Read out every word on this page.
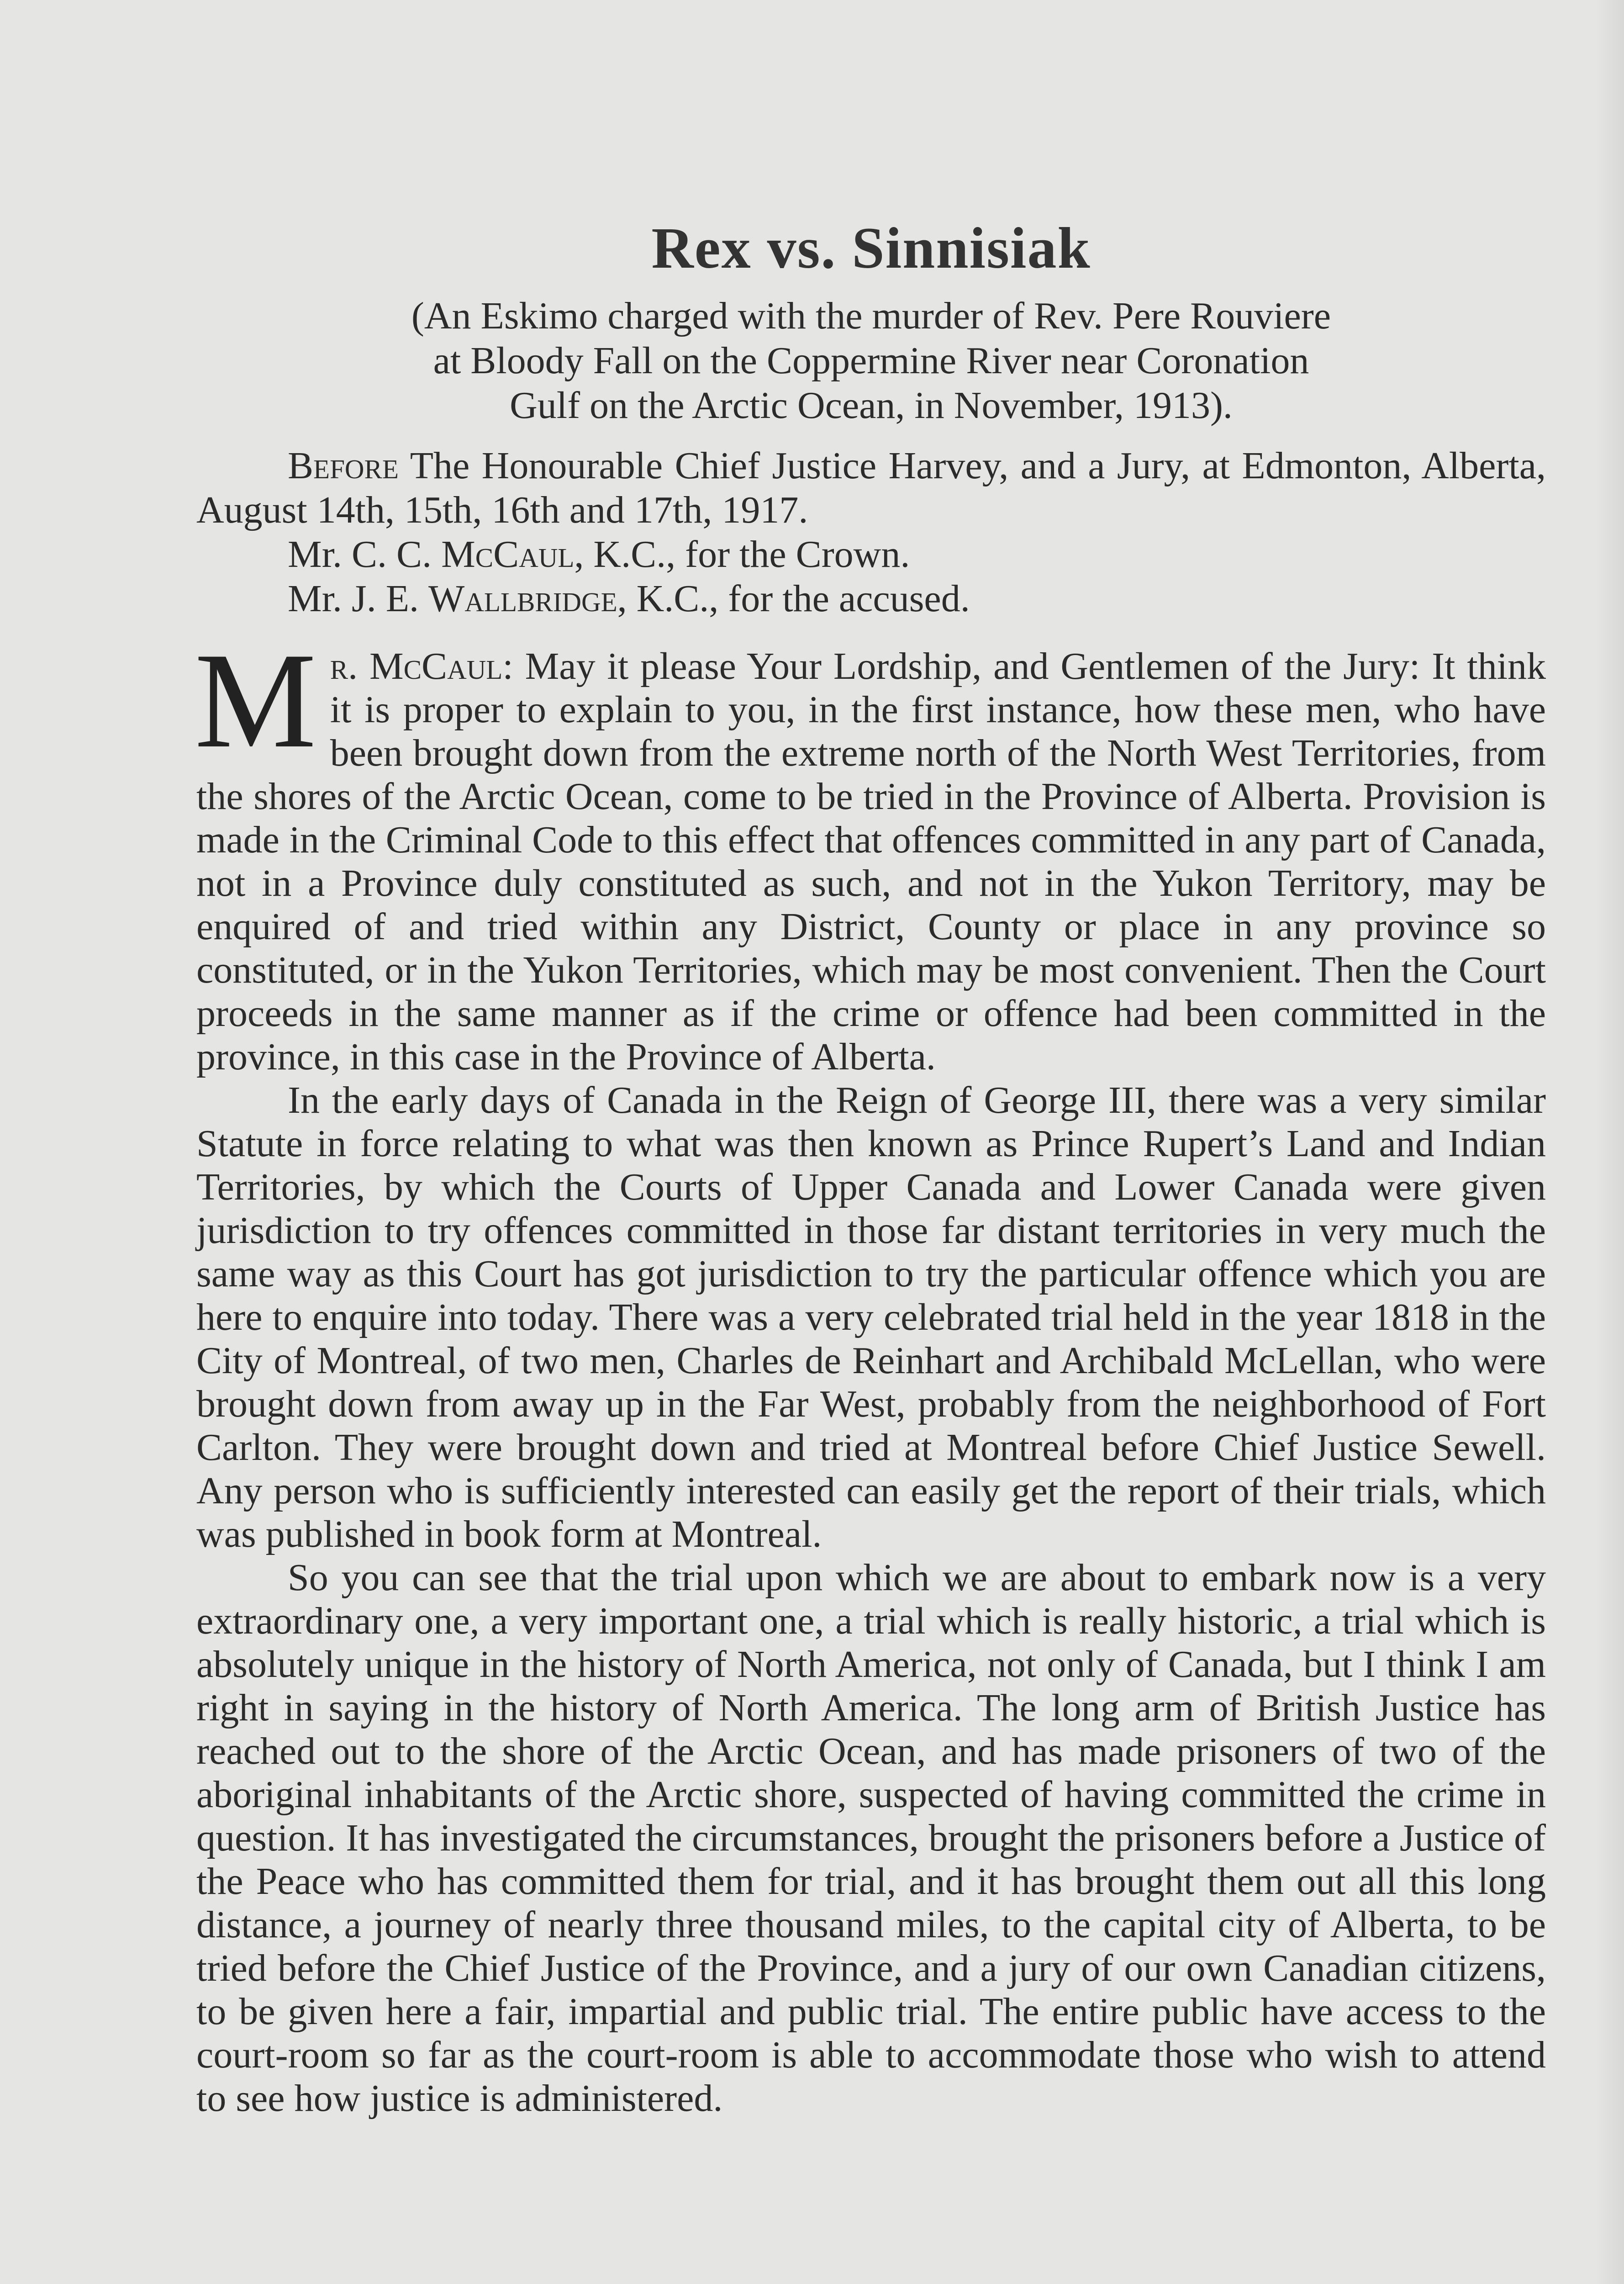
Rex vs. Sinnisiak
(An Eskimo charged with the murder of Rev. Pere Rouviere
at Bloody Fall on the Coppermine River near Coronation
Gulf on the Arctic Ocean, in November, 1913).
Before The Honourable Chief Justice Harvey, and a Jury, at Edmonton, Alberta, August 14th, 15th, 16th and 17th, 1917.
Mr. C. C. McCaul, K.C., for the Crown.
Mr. J. E. Wallbridge, K.C., for the accused.

Mr. McCaul: May it please Your Lordship, and Gentlemen of the Jury: It think it is proper to explain to you, in the first instance, how these men, who have been brought down from the extreme north of the North West Territories, from the shores of the Arctic Ocean, come to be tried in the Province of Alberta. Provision is made in the Criminal Code to this effect that offences committed in any part of Canada, not in a Province duly constituted as such, and not in the Yukon Territory, may be enquired of and tried within any District, County or place in any province so constituted, or in the Yukon Territories, which may be most convenient. Then the Court proceeds in the same manner as if the crime or offence had been committed in the province, in this case in the Province of Alberta.

In the early days of Canada in the Reign of George III, there was a very similar Statute in force relating to what was then known as Prince Rupert’s Land and Indian Territories, by which the Courts of Upper Canada and Lower Canada were given jurisdiction to try offences committed in those far distant territories in very much the same way as this Court has got jurisdiction to try the particular offence which you are here to enquire into today. There was a very celebrated trial held in the year 1818 in the City of Montreal, of two men, Charles de Reinhart and Archibald McLellan, who were brought down from away up in the Far West, probably from the neighborhood of Fort Carlton. They were brought down and tried at Montreal before Chief Justice Sewell. Any person who is sufficiently interested can easily get the report of their trials, which was published in book form at Montreal.

So you can see that the trial upon which we are about to embark now is a very extraordinary one, a very important one, a trial which is really historic, a trial which is absolutely unique in the history of North America, not only of Canada, but I think I am right in saying in the history of North America. The long arm of British Justice has reached out to the shore of the Arctic Ocean, and has made prisoners of two of the aboriginal inhabitants of the Arctic shore, suspected of having committed the crime in question. It has investigated the circumstances, brought the prisoners before a Justice of the Peace who has committed them for trial, and it has brought them out all this long distance, a journey of nearly three thousand miles, to the capital city of Alberta, to be tried before the Chief Justice of the Province, and a jury of our own Canadian citizens, to be given here a fair, impartial and public trial. The entire public have access to the court-room so far as the court-room is able to accommodate those who wish to attend to see how justice is administered.
